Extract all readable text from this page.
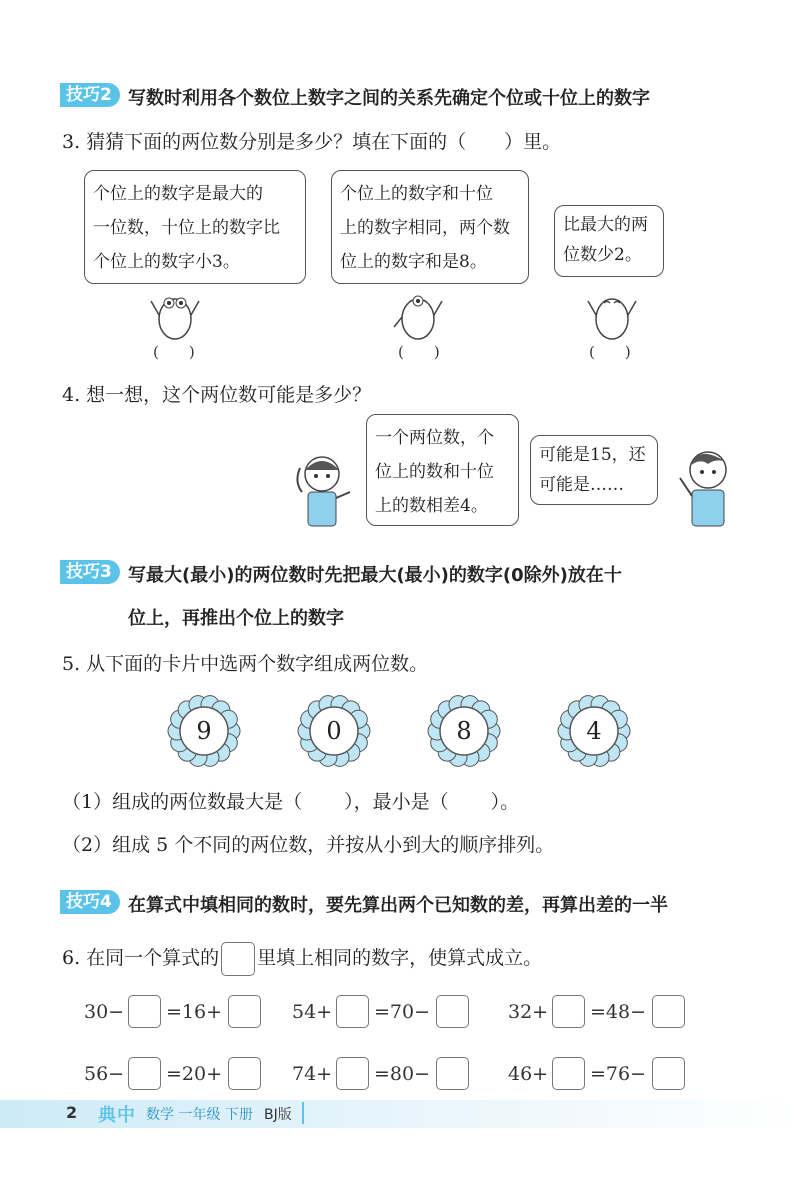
技巧2 写数时利用各个数位上数字之间的关系先确定个位或十位上的数字
3. 猜猜下面的两位数分别是多少？填在下面的（　　）里。

个位上的数字是最大的

一位数，十位上的数字比

个位上的数字小3。

个位上的数字和十位

上的数字相同，两个数

位上的数字和是8。

比最大的两

位数少2。

(　　)	(　　)	(　　)
4. 想一想，这个两位数可能是多少？

一个两位数，个

位上的数和十位

上的数相差4。

可能是15，还

可能是……

技巧3 写最大(最小)的两位数时先把最大(最小)的数字(0除外)放在十
位上，再推出个位上的数字
5. 从下面的卡片中选两个数字组成两位数。
9	0	8	4
（1）组成的两位数最大是（ ），最小是（ ）。
（2）组成 5 个不同的两位数，并按从小到大的顺序排列。
技巧4 在算式中填相同的数时，要先算出两个已知数的差，再算出差的一半
6. 在同一个算式的 里填上相同的数字，使算式成立。
30− =16+	54+ =70−	32+ =48−
56− =20+	74+ =80−	46+ =76−
2 典中 数学 一年级 下册 BJ版
